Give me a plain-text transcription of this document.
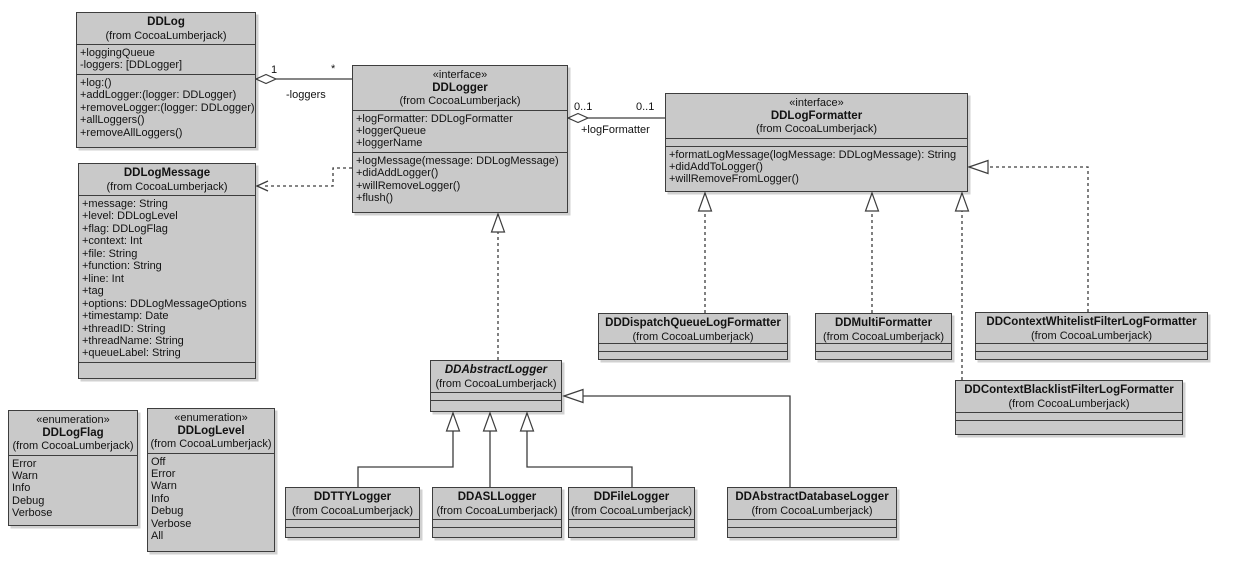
DDLog
(from CocoaLumberjack)
+loggingQueue
-loggers: [DDLogger]
+log:()
+addLogger:(logger: DDLogger)
+removeLogger:(logger: DDLogger)
+allLoggers()
+removeAllLoggers()
DDLogMessage
(from CocoaLumberjack)
+message: String
+level: DDLogLevel
+flag: DDLogFlag
+context: Int
+file: String
+function: String
+line: Int
+tag
+options: DDLogMessageOptions
+timestamp: Date
+threadID: String
+threadName: String
+queueLabel: String
«enumeration»
DDLogFlag
(from CocoaLumberjack)
Error
Warn
Info
Debug
Verbose
«enumeration»
DDLogLevel
(from CocoaLumberjack)
Off
Error
Warn
Info
Debug
Verbose
All
«interface»
DDLogger
(from CocoaLumberjack)
+logFormatter: DDLogFormatter
+loggerQueue
+loggerName
+logMessage(message: DDLogMessage)
+didAddLogger()
+willRemoveLogger()
+flush()
«interface»
DDLogFormatter
(from CocoaLumberjack)
+formatLogMessage(logMessage: DDLogMessage): String
+didAddToLogger()
+willRemoveFromLogger()
DDAbstractLogger
(from CocoaLumberjack)
DDDispatchQueueLogFormatter
(from CocoaLumberjack)
DDMultiFormatter
(from CocoaLumberjack)
DDContextWhitelistFilterLogFormatter
(from CocoaLumberjack)
DDContextBlacklistFilterLogFormatter
(from CocoaLumberjack)
DDTTYLogger
(from CocoaLumberjack)
DDASLLogger
(from CocoaLumberjack)
DDFileLogger
(from CocoaLumberjack)
DDAbstractDatabaseLogger
(from CocoaLumberjack)
1	*
-loggers
0..1	0..1
+logFormatter
